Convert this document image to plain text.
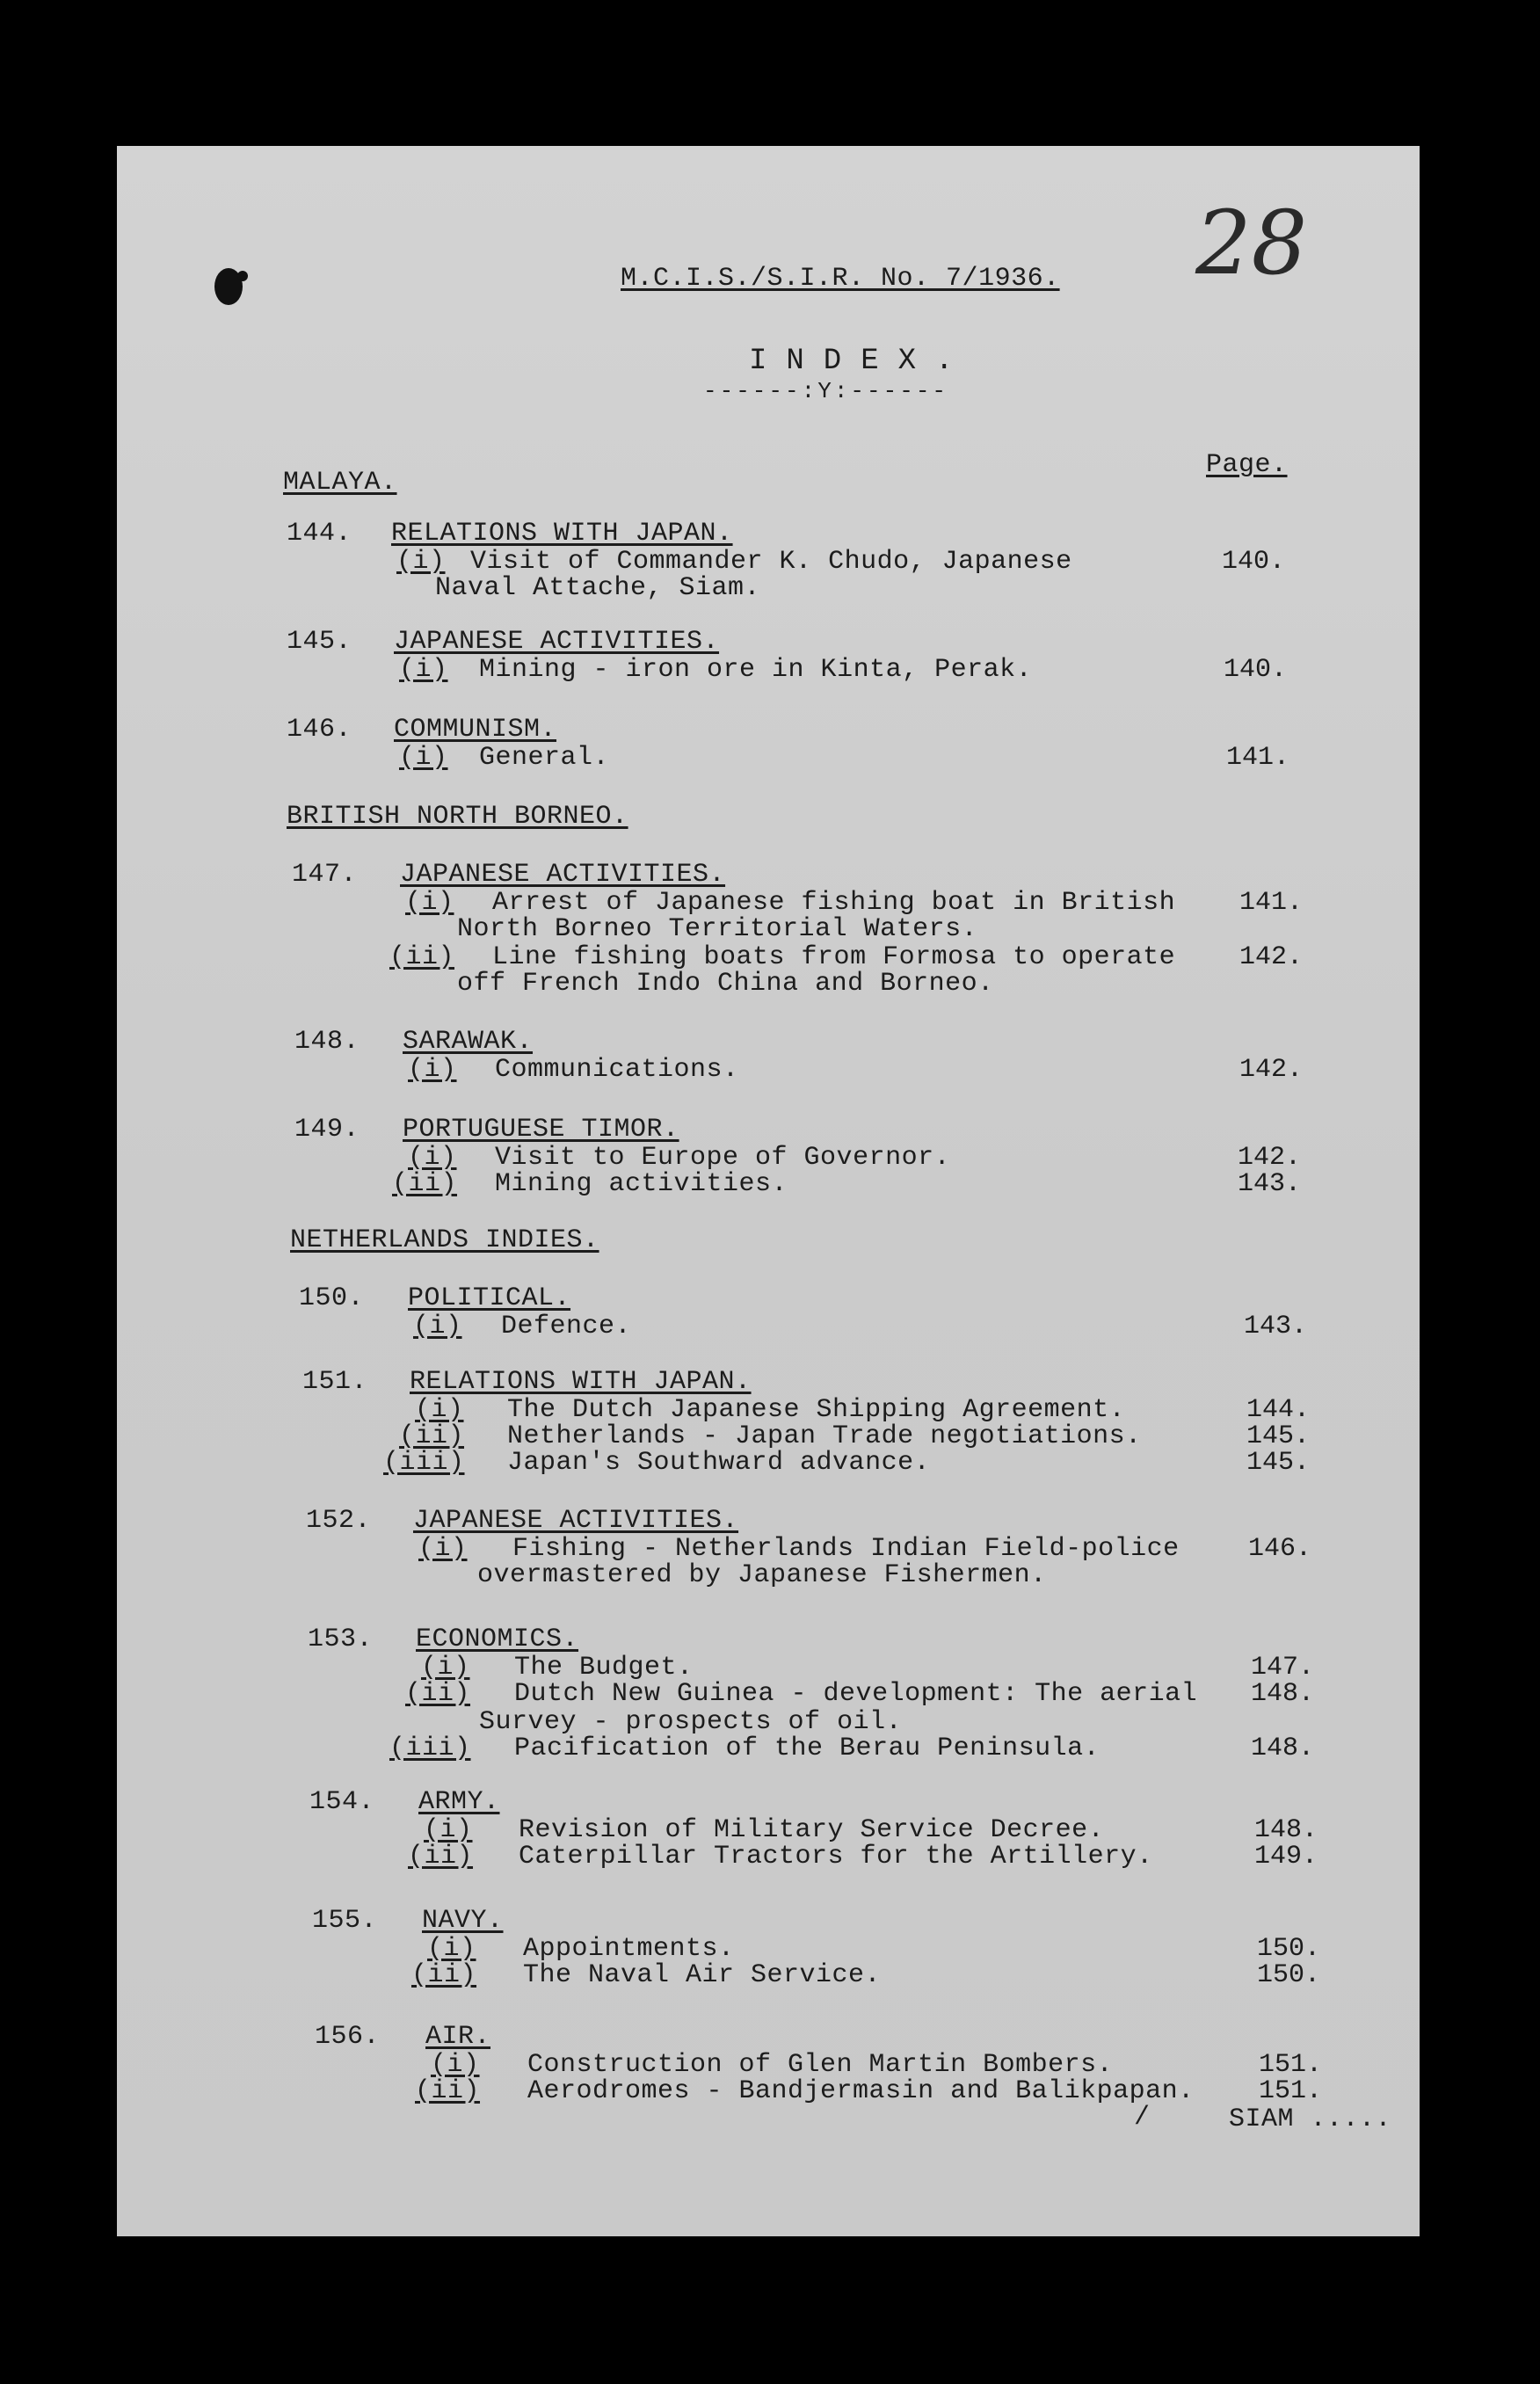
M.C.I.S./S.I.R. No. 7/1936. 28
INDEX.
------:Y:------
Page.
MALAYA.
BRITISH NORTH BORNEO.
NETHERLANDS INDIES.
144. RELATIONS WITH JAPAN.
(i) Visit of Commander K. Chudo, Japanese	140.
Naval Attache, Siam.
145. JAPANESE ACTIVITIES.
(i) Mining - iron ore in Kinta, Perak.	140.
146. COMMUNISM.
(i) General.	141.
147. JAPANESE ACTIVITIES.
(i) Arrest of Japanese fishing boat in British 141.
North Borneo Territorial Waters.
(ii) Line fishing boats from Formosa to operate 142.
off French Indo China and Borneo.
148. SARAWAK.
(i) Communications.	142.
149. PORTUGUESE TIMOR.
(i) Visit to Europe of Governor.	142.
(ii) Mining activities.	143.
150. POLITICAL.
(i) Defence.	143.
151. RELATIONS WITH JAPAN.
(i) The Dutch Japanese Shipping Agreement.	144.
(ii) Netherlands - Japan Trade negotiations.	145.
(iii) Japan's Southward advance.	145.
152. JAPANESE ACTIVITIES.
(i) Fishing - Netherlands Indian Field-police	146.
overmastered by Japanese Fishermen.
153. ECONOMICS.
(i) The Budget.	147.
(ii) Dutch New Guinea - development: The aerial 148.
Survey - prospects of oil.
(iii) Pacification of the Berau Peninsula.	148.
154. ARMY.
(i) Revision of Military Service Decree.	148.
(ii) Caterpillar Tractors for the Artillery.	149.
155. NAVY.
(i) Appointments.	150.
(ii) The Naval Air Service.	150.
156. AIR.
(i) Construction of Glen Martin Bombers.	151.
(ii) Aerodromes - Bandjermasin and Balikpapan. 151.
/	SIAM .....
